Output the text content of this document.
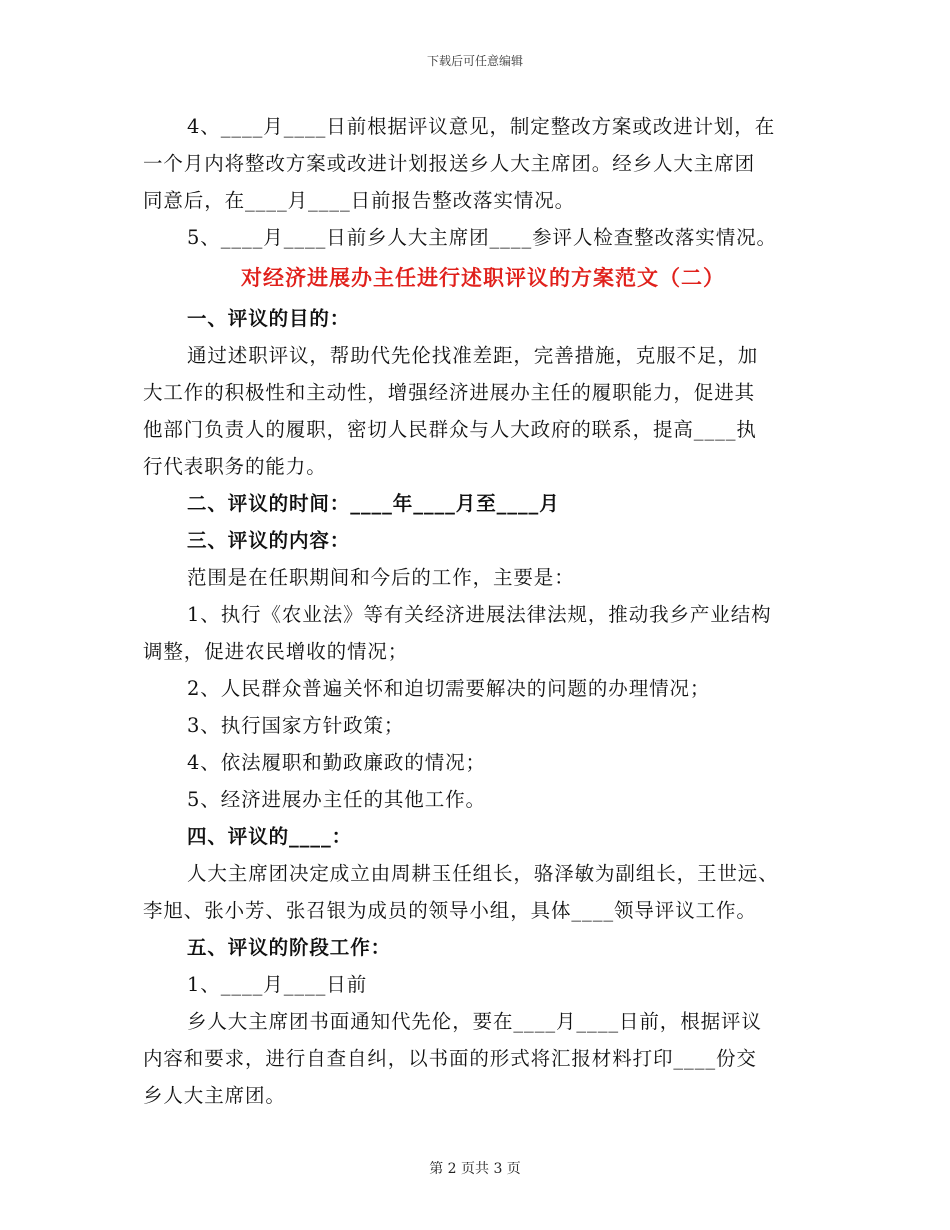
下载后可任意编辑
4、____月____日前根据评议意见，制定整改方案或改进计划，在
一个月内将整改方案或改进计划报送乡人大主席团。经乡人大主席团
同意后，在____月____日前报告整改落实情况。
5、____月____日前乡人大主席团____参评人检查整改落实情况。
对经济进展办主任进行述职评议的方案范文（二）
一、评议的目的：
通过述职评议，帮助代先伦找准差距，完善措施，克服不足，加
大工作的积极性和主动性，增强经济进展办主任的履职能力，促进其
他部门负责人的履职，密切人民群众与人大政府的联系，提高____执
行代表职务的能力。
二、评议的时间：____年____月至____月
三、评议的内容：
范围是在任职期间和今后的工作，主要是：
1、执行《农业法》等有关经济进展法律法规，推动我乡产业结构
调整，促进农民增收的情况；
2、人民群众普遍关怀和迫切需要解决的问题的办理情况；
3、执行国家方针政策；
4、依法履职和勤政廉政的情况；
5、经济进展办主任的其他工作。
四、评议的____：
人大主席团决定成立由周耕玉任组长，骆泽敏为副组长，王世远、
李旭、张小芳、张召银为成员的领导小组，具体____领导评议工作。
五、评议的阶段工作：
1、____月____日前
乡人大主席团书面通知代先伦，要在____月____日前，根据评议
内容和要求，进行自查自纠，以书面的形式将汇报材料打印____份交
乡人大主席团。
第 2 页共 3 页
